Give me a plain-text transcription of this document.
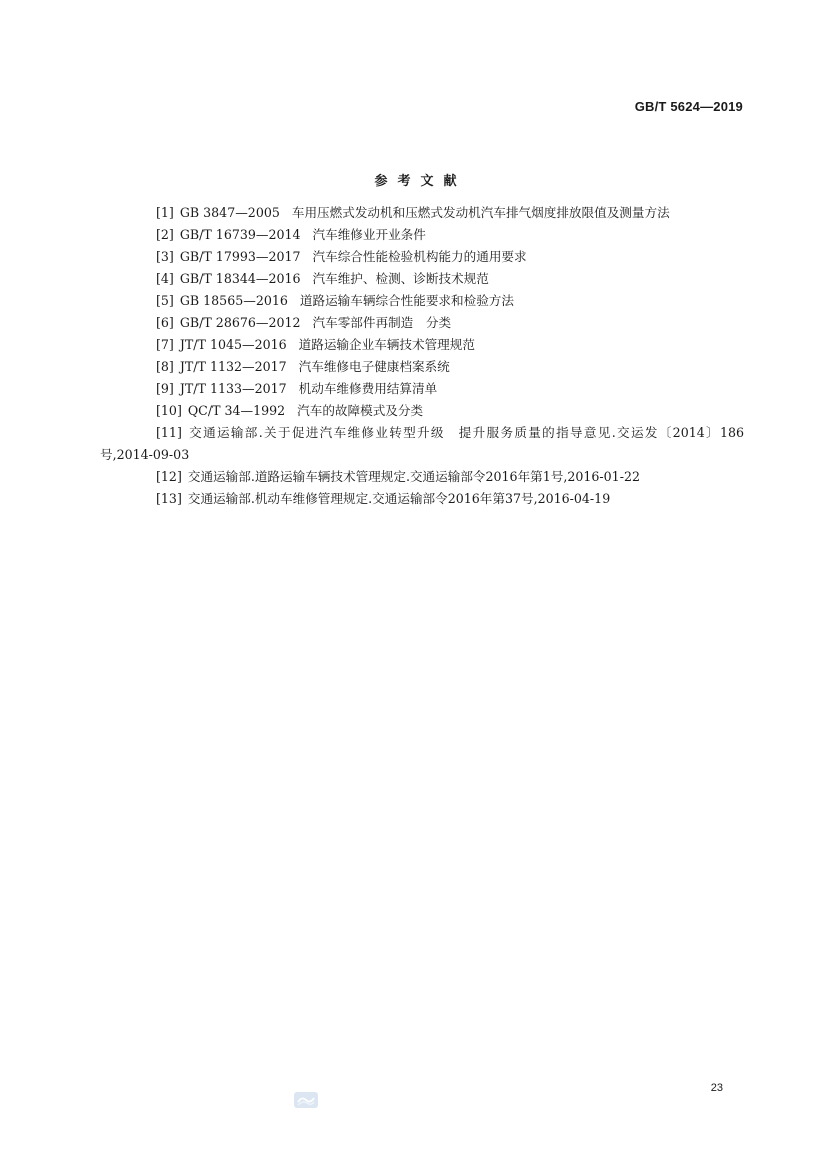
GB/T 5624—2019
参考文献
[1] GB 3847—2005 车用压燃式发动机和压燃式发动机汽车排气烟度排放限值及测量方法
[2] GB/T 16739—2014 汽车维修业开业条件
[3] GB/T 17993—2017 汽车综合性能检验机构能力的通用要求
[4] GB/T 18344—2016 汽车维护、检测、诊断技术规范
[5] GB 18565—2016 道路运输车辆综合性能要求和检验方法
[6] GB/T 28676—2012 汽车零部件再制造　分类
[7] JT/T 1045—2016 道路运输企业车辆技术管理规范
[8] JT/T 1132—2017 汽车维修电子健康档案系统
[9] JT/T 1133—2017 机动车维修费用结算清单
[10] QC/T 34—1992 汽车的故障模式及分类
[11] 交通运输部.关于促进汽车维修业转型升级　提升服务质量的指导意见.交运发〔2014〕186号,2014-09-03
[12] 交通运输部.道路运输车辆技术管理规定.交通运输部令2016年第1号,2016-01-22
[13] 交通运输部.机动车维修管理规定.交通运输部令2016年第37号,2016-04-19
23
